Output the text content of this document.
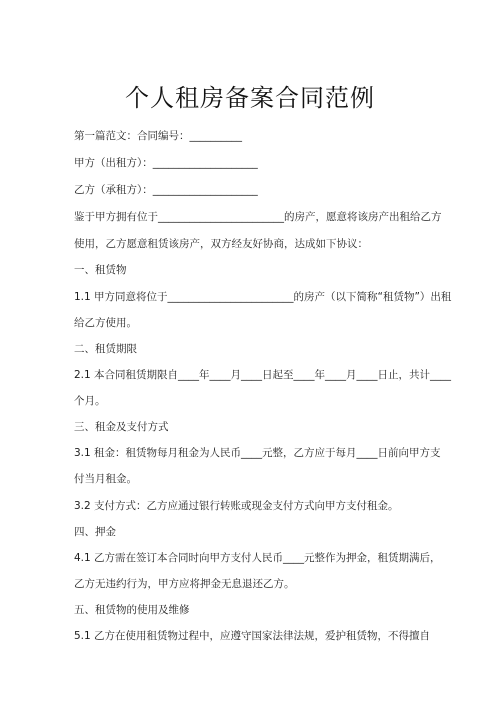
个人租房备案合同范例
第一篇范文：合同编号：__________
甲方（出租方）：____________________
乙方（承租方）：____________________
鉴于甲方拥有位于________________________的房产，愿意将该房产出租给乙方
使用，乙方愿意租赁该房产，双方经友好协商，达成如下协议：
一、租赁物
1.1 甲方同意将位于________________________的房产（以下简称“租赁物”）出租
给乙方使用。
二、租赁期限
2.1 本合同租赁期限自____年____月____日起至____年____月____日止，共计____
个月。
三、租金及支付方式
3.1 租金：租赁物每月租金为人民币____元整，乙方应于每月____日前向甲方支
付当月租金。
3.2 支付方式：乙方应通过银行转账或现金支付方式向甲方支付租金。
四、押金
4.1 乙方需在签订本合同时向甲方支付人民币____元整作为押金，租赁期满后，
乙方无违约行为，甲方应将押金无息退还乙方。
五、租赁物的使用及维修
5.1 乙方在使用租赁物过程中，应遵守国家法律法规，爱护租赁物，不得擅自
